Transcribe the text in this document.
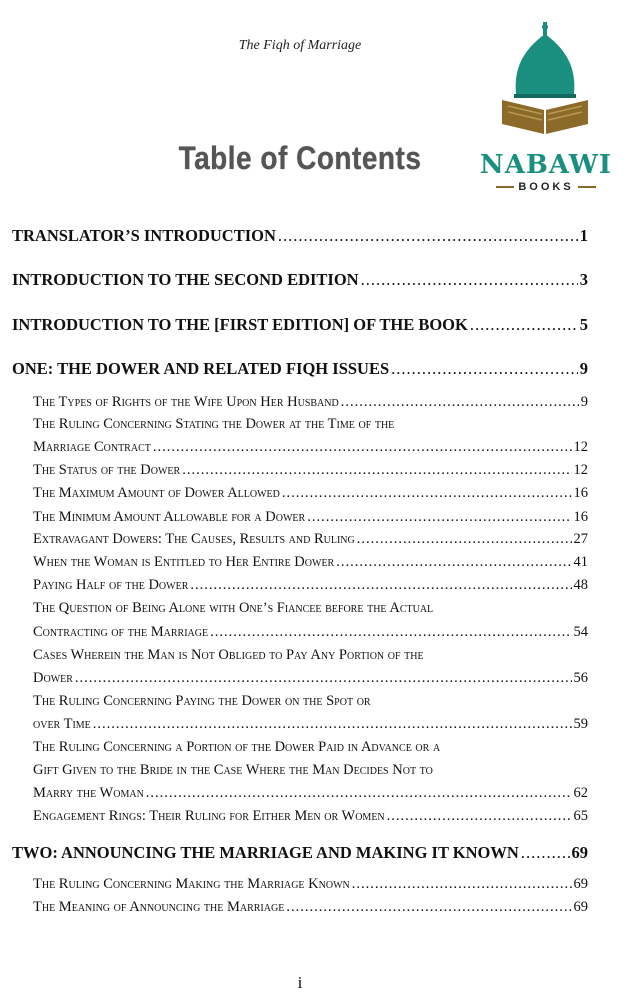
The Fiqh of Marriage
Table of Contents	NABAWI
BOOKS
TRANSLATOR’S INTRODUCTION .....	1
INTRODUCTION TO THE SECOND EDITION .....	3
INTRODUCTION TO THE [FIRST EDITION] OF THE BOOK .....	5
ONE: THE DOWER AND RELATED FIQH ISSUES .....	9
The Types of Rights of the Wife Upon Her Husband .....	9
The Ruling Concerning Stating the Dower at the Time of the
Marriage Contract .....	12
The Status of the Dower .....	12
The Maximum Amount of Dower Allowed .....	16
The Minimum Amount Allowable for a Dower .....	16
Extravagant Dowers: The Causes, Results and Ruling .....	27
When the Woman is Entitled to Her Entire Dower .....	41
Paying Half of the Dower .....	48
The Question of Being Alone with One’s Fiancee before the Actual
Contracting of the Marriage .....	54
Cases Wherein the Man is Not Obliged to Pay Any Portion of the
Dower .....	56
The Ruling Concerning Paying the Dower on the Spot or
over Time .....	59
The Ruling Concerning a Portion of the Dower Paid in Advance or a
Gift Given to the Bride in the Case Where the Man Decides Not to
Marry the Woman .....	62
Engagement Rings: Their Ruling for Either Men or Women .....	65
TWO: ANNOUNCING THE MARRIAGE AND MAKING IT KNOWN .....	69
The Ruling Concerning Making the Marriage Known .....	69
The Meaning of Announcing the Marriage .....	69
i
